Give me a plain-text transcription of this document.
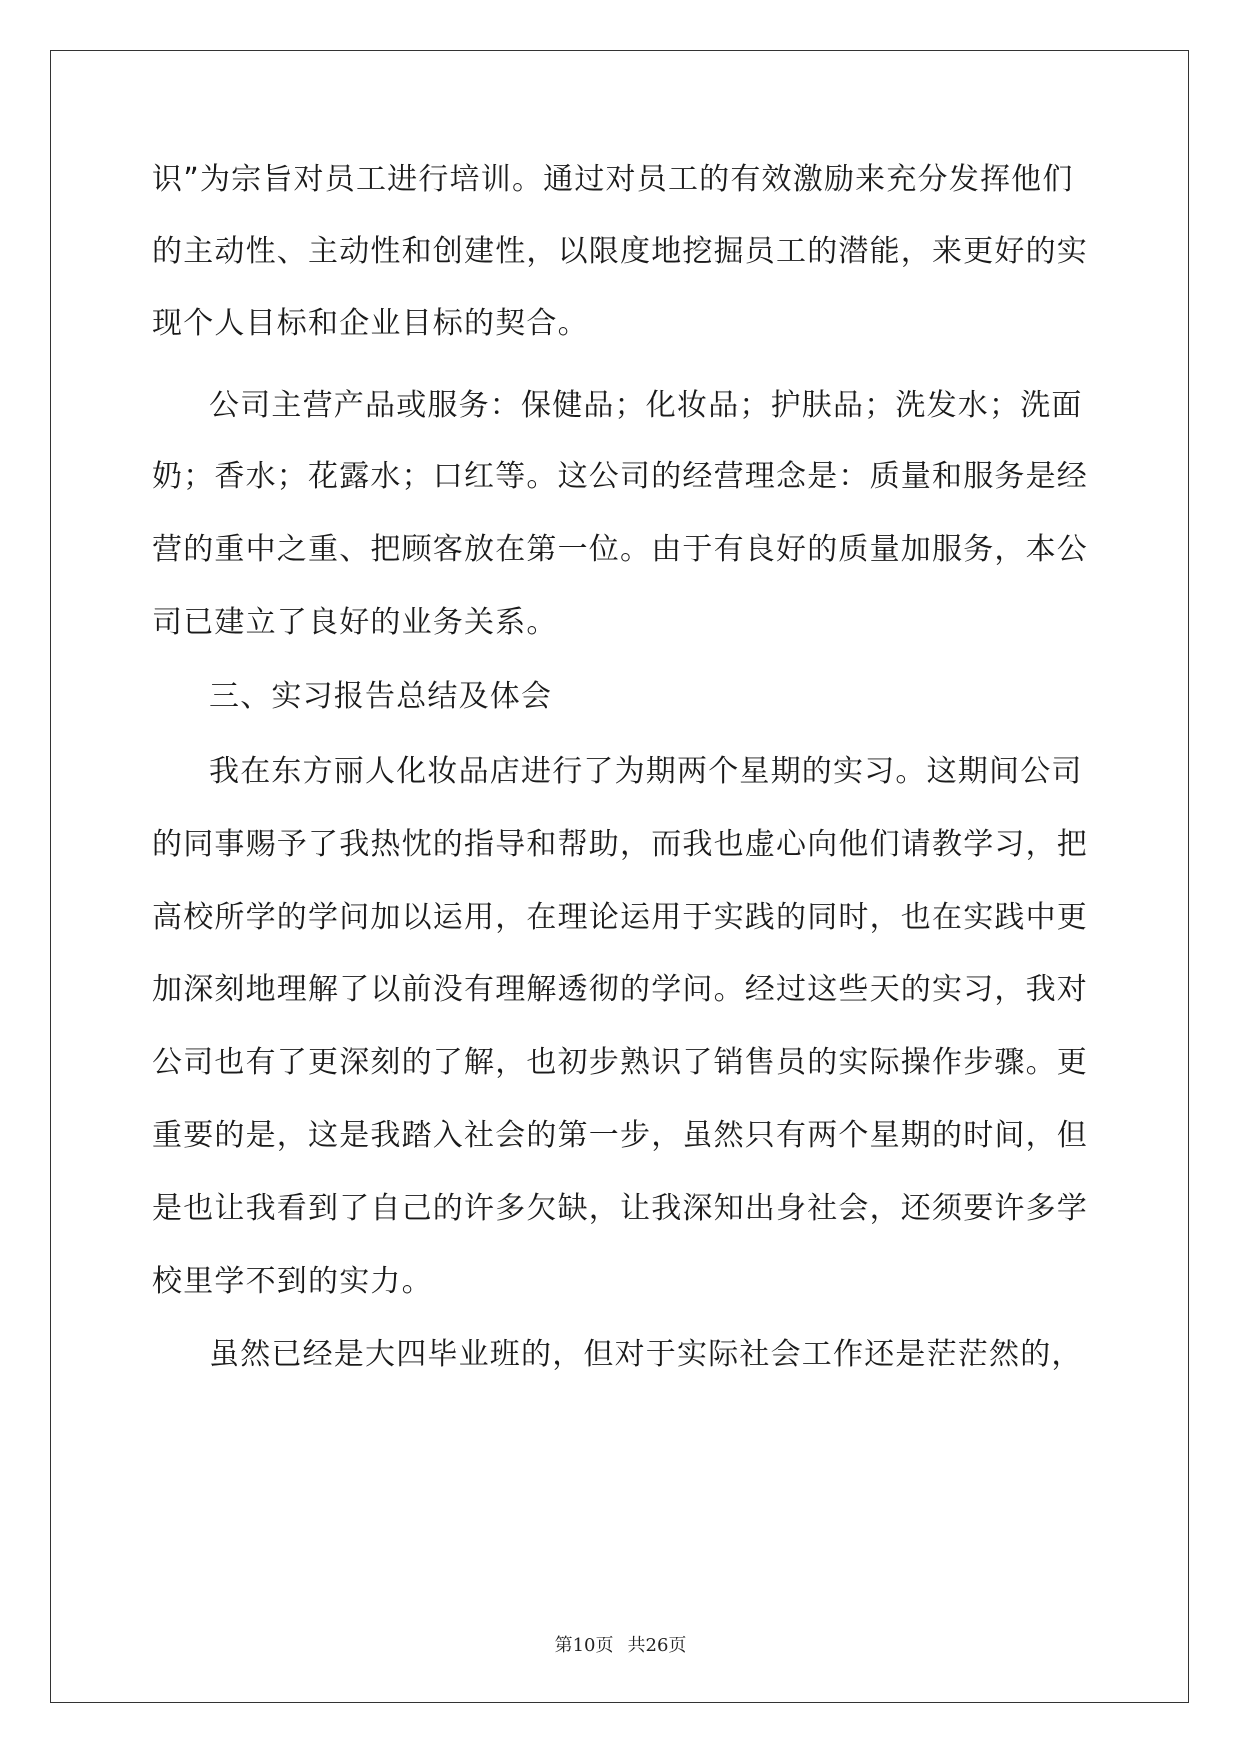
识”为宗旨对员工进行培训。通过对员工的有效激励来充分发挥他们
的主动性、主动性和创建性，以限度地挖掘员工的潜能，来更好的实
现个人目标和企业目标的契合。
公司主营产品或服务：保健品；化妆品；护肤品；洗发水；洗面
奶；香水；花露水；口红等。这公司的经营理念是：质量和服务是经
营的重中之重、把顾客放在第一位。由于有良好的质量加服务，本公
司已建立了良好的业务关系。
三、实习报告总结及体会
我在东方丽人化妆品店进行了为期两个星期的实习。这期间公司
的同事赐予了我热忱的指导和帮助，而我也虚心向他们请教学习，把
高校所学的学问加以运用，在理论运用于实践的同时，也在实践中更
加深刻地理解了以前没有理解透彻的学问。经过这些天的实习，我对
公司也有了更深刻的了解，也初步熟识了销售员的实际操作步骤。更
重要的是，这是我踏入社会的第一步，虽然只有两个星期的时间，但
是也让我看到了自己的许多欠缺，让我深知出身社会，还须要许多学
校里学不到的实力。
虽然已经是大四毕业班的，但对于实际社会工作还是茫茫然的，
第10页 共26页
